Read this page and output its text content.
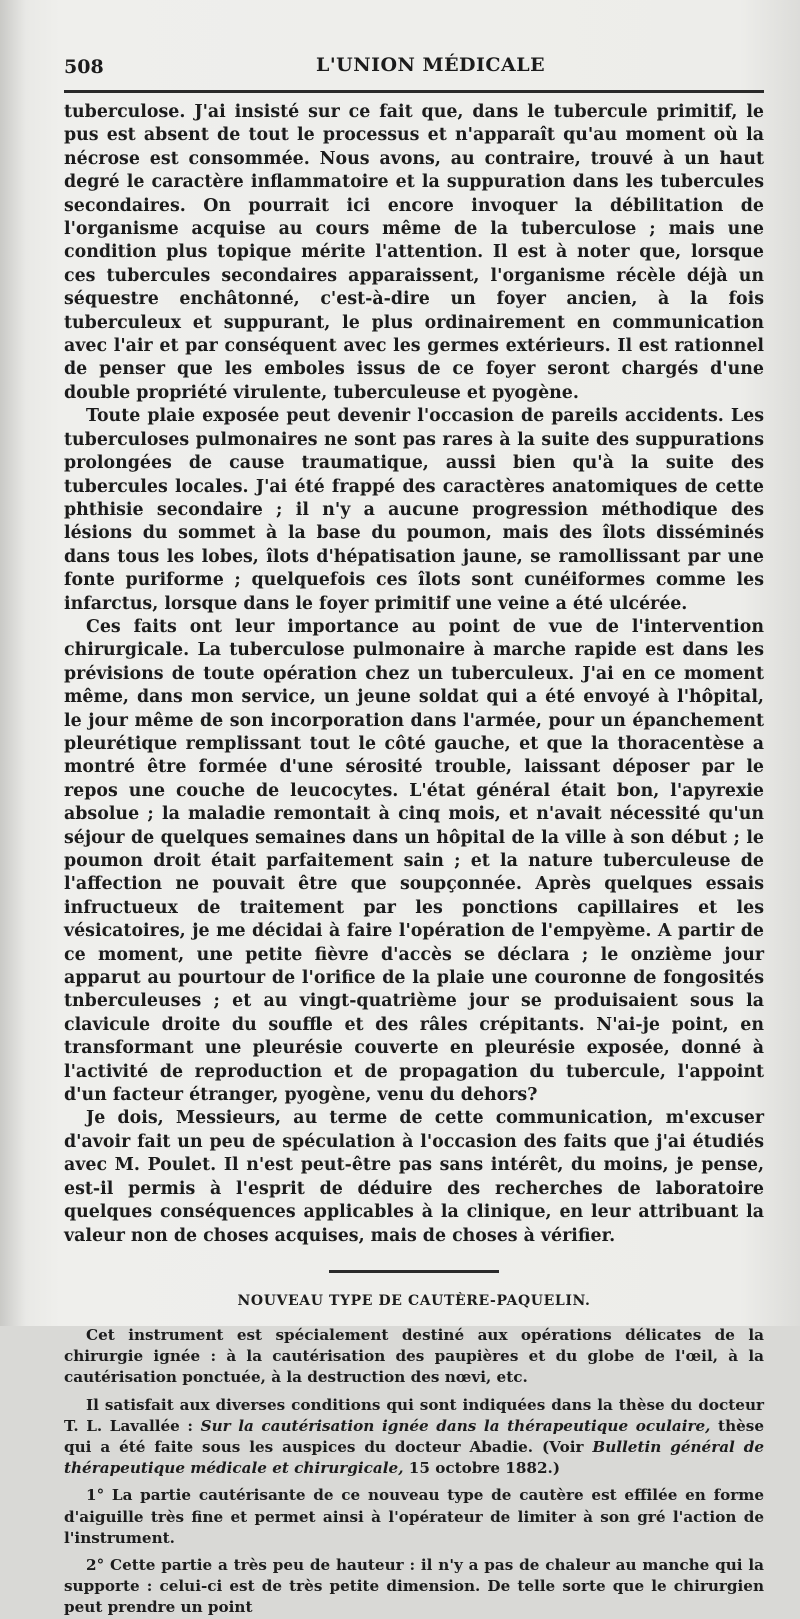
508	L'UNION MÉDICALE

tuberculose. J'ai insisté sur ce fait que, dans le tubercule primitif, le pus est absent de tout le processus et n'apparaît qu'au moment où la nécrose est consommée. Nous avons, au contraire, trouvé à un haut degré le caractère inflammatoire et la suppuration dans les tubercules secondaires. On pourrait ici encore invoquer la débilitation de l'organisme acquise au cours même de la tuberculose ; mais une condition plus topique mérite l'attention. Il est à noter que, lorsque ces tubercules secondaires apparaissent, l'organisme récèle déjà un séquestre enchâtonné, c'est-à-dire un foyer ancien, à la fois tuberculeux et suppurant, le plus ordinairement en communication avec l'air et par conséquent avec les germes extérieurs. Il est rationnel de penser que les emboles issus de ce foyer seront chargés d'une double propriété virulente, tuberculeuse et pyogène.

Toute plaie exposée peut devenir l'occasion de pareils accidents. Les tuberculoses pulmonaires ne sont pas rares à la suite des suppurations prolongées de cause traumatique, aussi bien qu'à la suite des tubercules locales. J'ai été frappé des caractères anatomiques de cette phthisie secondaire ; il n'y a aucune progression méthodique des lésions du sommet à la base du poumon, mais des îlots disséminés dans tous les lobes, îlots d'hépatisation jaune, se ramollissant par une fonte puriforme ; quelquefois ces îlots sont cunéiformes comme les infarctus, lorsque dans le foyer primitif une veine a été ulcérée.

Ces faits ont leur importance au point de vue de l'intervention chirurgicale. La tuberculose pulmonaire à marche rapide est dans les prévisions de toute opération chez un tuberculeux. J'ai en ce moment même, dans mon service, un jeune soldat qui a été envoyé à l'hôpital, le jour même de son incorporation dans l'armée, pour un épanchement pleurétique remplissant tout le côté gauche, et que la thoracentèse a montré être formée d'une sérosité trouble, laissant déposer par le repos une couche de leucocytes. L'état général était bon, l'apyrexie absolue ; la maladie remontait à cinq mois, et n'avait nécessité qu'un séjour de quelques semaines dans un hôpital de la ville à son début ; le poumon droit était parfaitement sain ; et la nature tuberculeuse de l'affection ne pouvait être que soupçonnée. Après quelques essais infructueux de traitement par les ponctions capillaires et les vésicatoires, je me décidai à faire l'opération de l'empyème. A partir de ce moment, une petite fièvre d'accès se déclara ; le onzième jour apparut au pourtour de l'orifice de la plaie une couronne de fongosités tnberculeuses ; et au vingt-quatrième jour se produisaient sous la clavicule droite du souffle et des râles crépitants. N'ai-je point, en transformant une pleurésie couverte en pleurésie exposée, donné à l'activité de reproduction et de propagation du tubercule, l'appoint d'un facteur étranger, pyogène, venu du dehors?

Je dois, Messieurs, au terme de cette communication, m'excuser d'avoir fait un peu de spéculation à l'occasion des faits que j'ai étudiés avec M. Poulet. Il n'est peut-être pas sans intérêt, du moins, je pense, est-il permis à l'esprit de déduire des recherches de laboratoire quelques conséquences applicables à la clinique, en leur attribuant la valeur non de choses acquises, mais de choses à vérifier.

NOUVEAU TYPE DE CAUTÈRE-PAQUELIN.

Cet instrument est spécialement destiné aux opérations délicates de la chirurgie ignée : à la cautérisation des paupières et du globe de l'œil, à la cautérisation ponctuée, à la destruction des nœvi, etc.

Il satisfait aux diverses conditions qui sont indiquées dans la thèse du docteur T. L. Lavallée : Sur la cautérisation ignée dans la thérapeutique oculaire, thèse qui a été faite sous les auspices du docteur Abadie. (Voir Bulletin général de thérapeutique médicale et chirurgicale, 15 octobre 1882.)

1° La partie cautérisante de ce nouveau type de cautère est effilée en forme d'aiguille très fine et permet ainsi à l'opérateur de limiter à son gré l'action de l'instrument.

2° Cette partie a très peu de hauteur : il n'y a pas de chaleur au manche qui la supporte : celui-ci est de très petite dimension. De telle sorte que le chirurgien peut prendre un point
